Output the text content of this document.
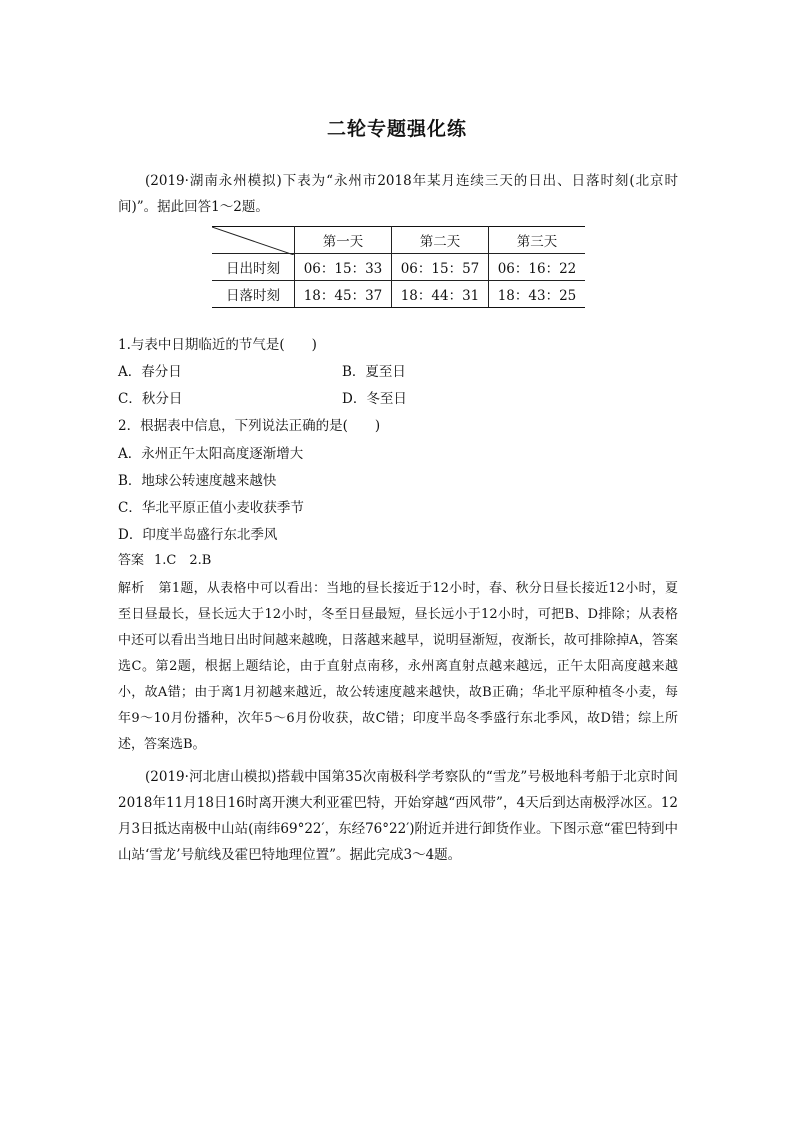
二轮专题强化练
(2019·湖南永州模拟)下表为“永州市2018年某月连续三天的日出、日落时刻(北京时间)”。据此回答1～2题。
	第一天	第二天	第三天
日出时刻	06：15：33	06：15：57	06：16：22
日落时刻	18：45：37	18：44：31	18：43：25
1.与表中日期临近的节气是(　　)
A．春分日	B．夏至日
C．秋分日	D．冬至日
2．根据表中信息，下列说法正确的是(　　)
A．永州正午太阳高度逐渐增大
B．地球公转速度越来越快
C．华北平原正值小麦收获季节
D．印度半岛盛行东北季风
答案 1.C　2.B
解析 第1题，从表格中可以看出：当地的昼长接近于12小时，春、秋分日昼长接近12小时，夏至日昼最长，昼长远大于12小时，冬至日昼最短，昼长远小于12小时，可把B、D排除；从表格中还可以看出当地日出时间越来越晚，日落越来越早，说明昼渐短，夜渐长，故可排除掉A，答案选C。第2题，根据上题结论，由于直射点南移，永州离直射点越来越远，正午太阳高度越来越小，故A错；由于离1月初越来越近，故公转速度越来越快，故B正确；华北平原种植冬小麦，每年9～10月份播种，次年5～6月份收获，故C错；印度半岛冬季盛行东北季风，故D错；综上所述，答案选B。
(2019·河北唐山模拟)搭载中国第35次南极科学考察队的“雪龙”号极地科考船于北京时间2018年11月18日16时离开澳大利亚霍巴特，开始穿越“西风带”，4天后到达南极浮冰区。12月3日抵达南极中山站(南纬69°22′，东经76°22′)附近并进行卸货作业。下图示意“霍巴特到中山站‘雪龙’号航线及霍巴特地理位置”。据此完成3～4题。
